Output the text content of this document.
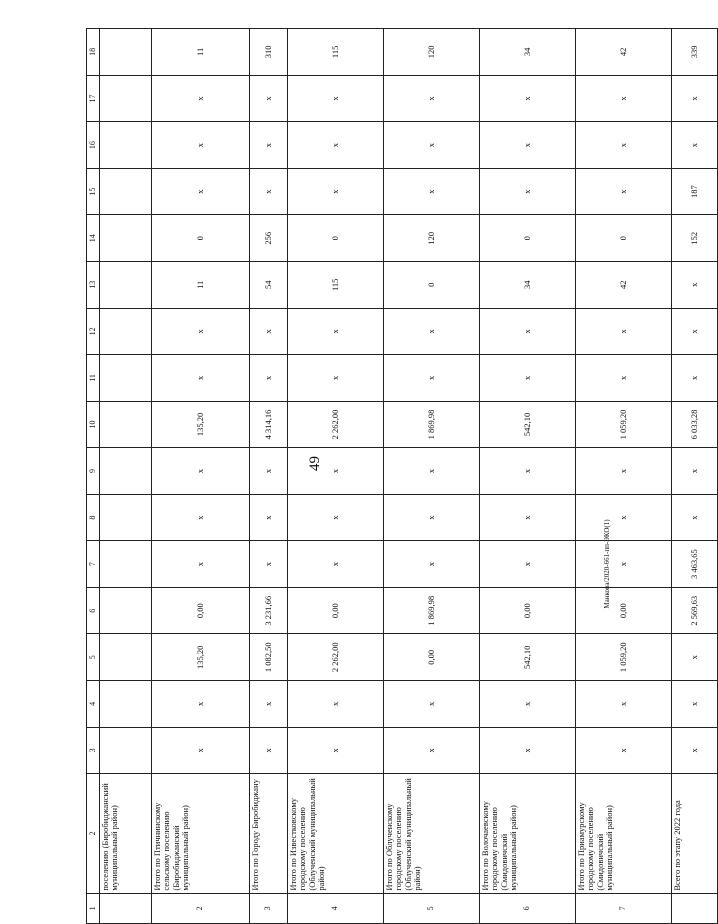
49
Манкова/2020-661-пп-ЭКО(1)
1	2	3	4	5	6	7	8	9	10	11	12	13	14	15	16	17	18
	поселению (Биробиджанский муниципальный район)																
2	Итого по Птичнинскому сельскому поселению (Биробиджанский муниципальный район)	х	х	135,20	0,00	х	х	х	135,20	х	х	11	0	х	х	х	11
3	Итого по Городу Биробиджану	х	х	1 082,50	3 231,66	х	х	х	4 314,16	х	х	54	256	х	х	х	310
4	Итого по Известковскому городскому поселению (Облученский муниципальный район)	х	х	2 262,00	0,00	х	х	х	2 262,00	х	х	115	0	х	х	х	115
5	Итого по Облученскому городскому поселению (Облученский муниципальный район)	х	х	0,00	1 869,98	х	х	х	1 869,98	х	х	0	120	х	х	х	120
6	Итого по Волочаевскому городскому поселению (Смидовичский муниципальный район)	х	х	542,10	0,00	х	х	х	542,10	х	х	34	0	х	х	х	34
7	Итого по Приамурскому городскому поселению (Смидовичский муниципальный район)	х	х	1 059,20	0,00	х	х	х	1 059,20	х	х	42	0	х	х	х	42
	Всего по этапу 2022 года	х	х	х	2 569,63	3 463,65	х	х	6 033,28	х	х	х	152	187	х	х	339
